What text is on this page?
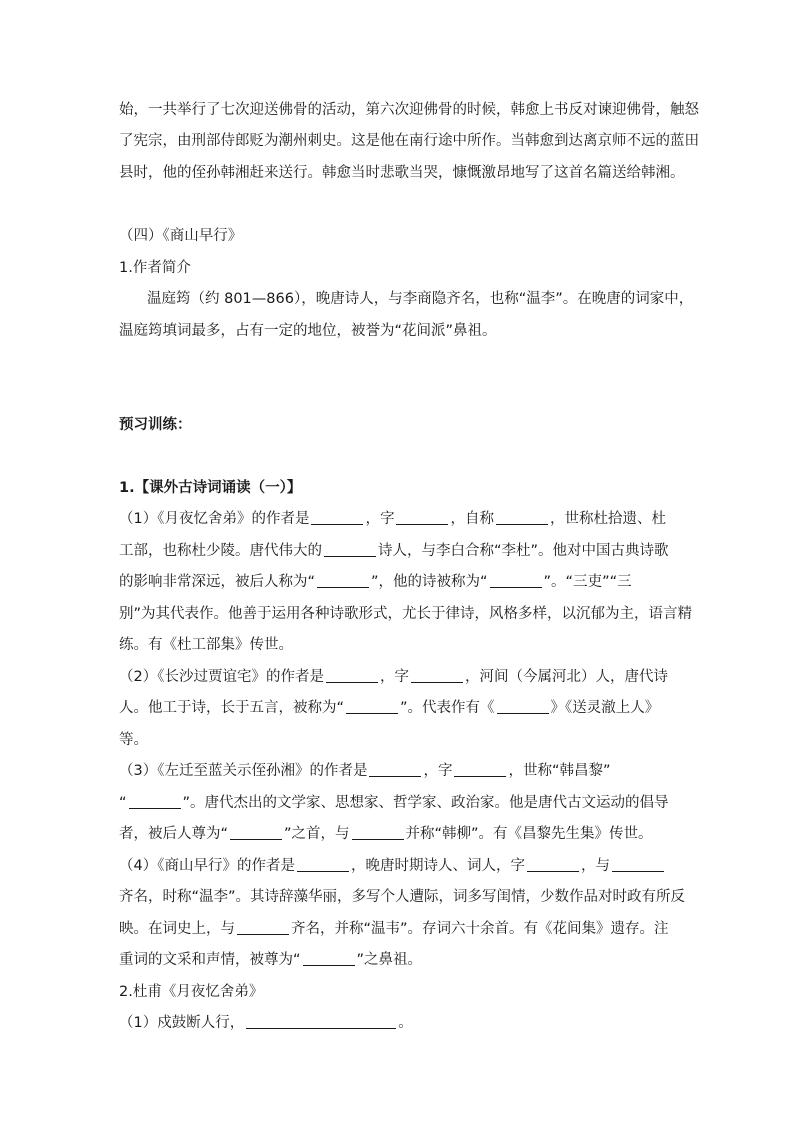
始，一共举行了七次迎送佛骨的活动，第六次迎佛骨的时候，韩愈上书反对谏迎佛骨，触怒
了宪宗，由刑部侍郎贬为潮州刺史。这是他在南行途中所作。当韩愈到达离京师不远的蓝田
县时，他的侄孙韩湘赶来送行。韩愈当时悲歌当哭，慷慨激昂地写了这首名篇送给韩湘。
（四）《商山早行》
1.作者简介
温庭筠（约 801—866），晚唐诗人，与李商隐齐名，也称“温李”。在晚唐的词家中，
温庭筠填词最多，占有一定的地位，被誉为“花间派”鼻祖。
预习训练：
1.【课外古诗词诵读（一）】
（1）《月夜忆舍弟》的作者是	，字	，自称	，世称杜拾遗、杜
工部，也称杜少陵。唐代伟大的	诗人，与李白合称“李杜”。他对中国古典诗歌
的影响非常深远，被后人称为“	”，他的诗被称为“	”。“三吏”“三
别”为其代表作。他善于运用各种诗歌形式，尤长于律诗，风格多样，以沉郁为主，语言精
练。有《杜工部集》传世。
（2）《长沙过贾谊宅》的作者是	，字	，河间（今属河北）人，唐代诗
人。他工于诗，长于五言，被称为“	”。代表作有《	》《送灵澈上人》
等。
（3）《左迁至蓝关示侄孙湘》的作者是	，字	，世称“韩昌黎”
“	”。唐代杰出的文学家、思想家、哲学家、政治家。他是唐代古文运动的倡导
者，被后人尊为“	”之首，与	并称“韩柳”。有《昌黎先生集》传世。
（4）《商山早行》的作者是	，晚唐时期诗人、词人，字	，与
齐名，时称“温李”。其诗辞藻华丽，多写个人遭际，词多写闺情，少数作品对时政有所反
映。在词史上，与	齐名，并称“温韦”。存词六十余首。有《花间集》遗存。注
重词的文采和声情，被尊为“	”之鼻祖。
2.杜甫《月夜忆舍弟》
（1）戍鼓断人行，	。
